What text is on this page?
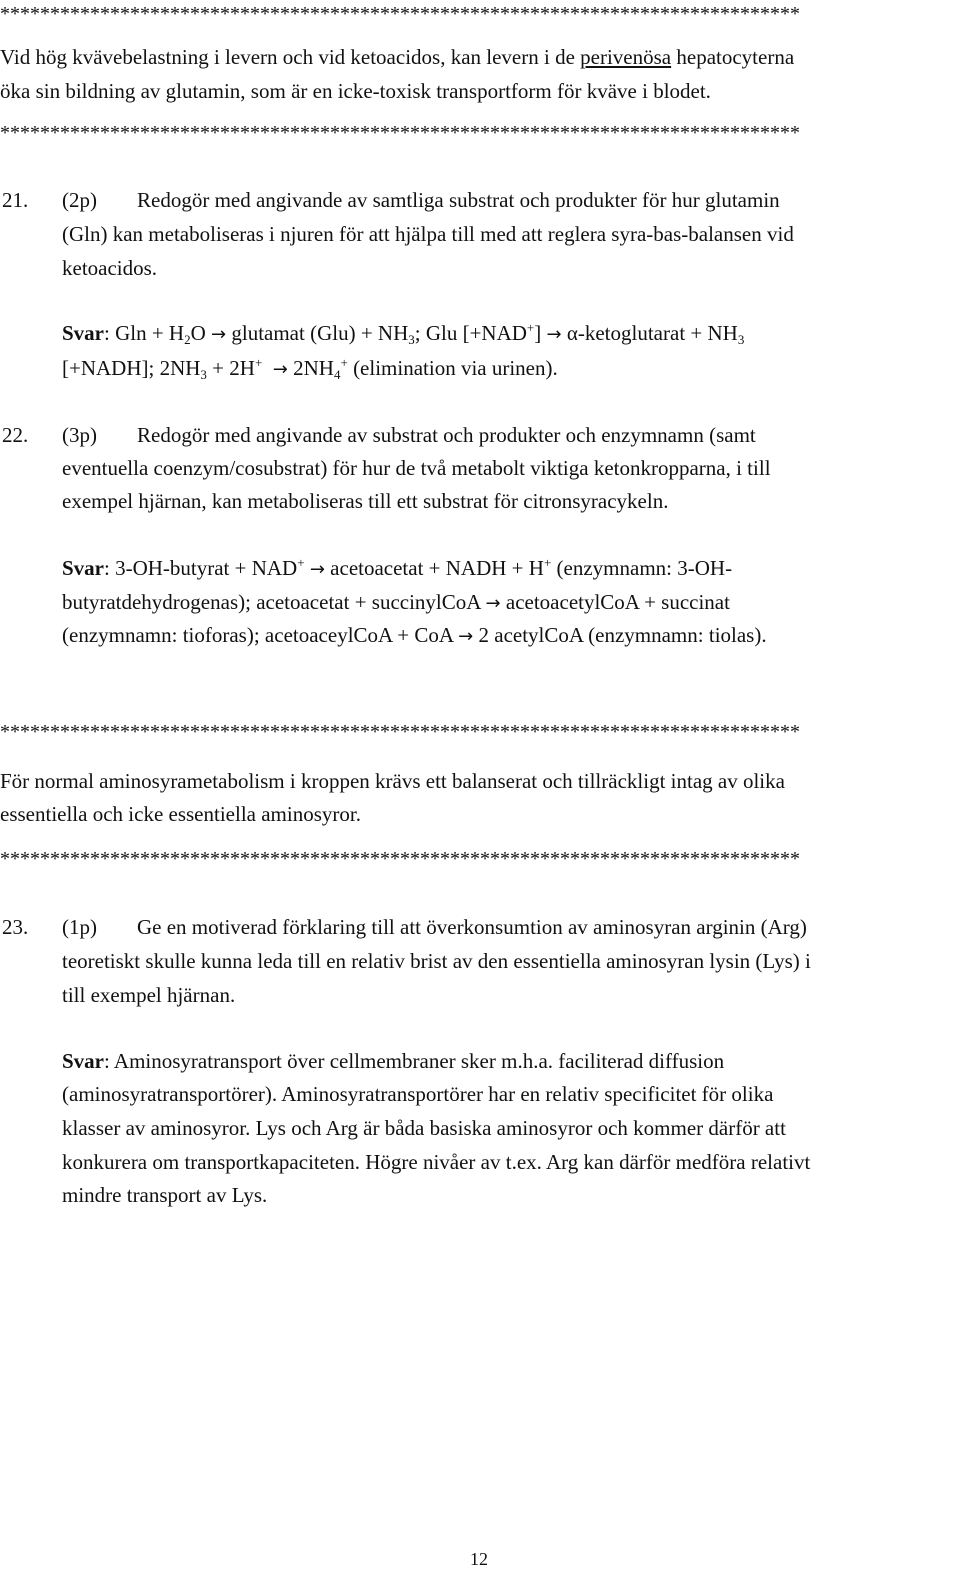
********************************************************************************
Vid hög kvävebelastning i levern och vid ketoacidos, kan levern i de perivenösa hepatocyterna
öka sin bildning av glutamin, som är en icke-toxisk transportform för kväve i blodet.
********************************************************************************
21. (2p) Redogör med angivande av samtliga substrat och produkter för hur glutamin
(Gln) kan metaboliseras i njuren för att hjälpa till med att reglera syra-bas-balansen vid
ketoacidos.
Svar: $Gln + H_2O$ → glutamat $(Glu) + NH_3$; Glu [+NAD+] → α-ketoglutarat + $NH_3$
[+NADH]; $2NH_3 + 2H^+ \to 2NH_4^+$ (elimination via urinen).
22. (3p) Redogör med angivande av substrat och produkter och enzymnamn (samt
eventuella coenzym/cosubstrat) för hur de två metabolt viktiga ketonkropparna, i till
exempel hjärnan, kan metaboliseras till ett substrat för citronsyracykeln.
Svar: 3-OH-butyrat + NAD+ → acetoacetat + NADH + H+ (enzymnamn: 3-OH-
butyratdehydrogenas); acetoacetat + succinylCoA → acetoacetylCoA + succinat
(enzymnamn: tioforas); acetoaceylCoA + CoA → 2 acetylCoA (enzymnamn: tiolas).
********************************************************************************
För normal aminosyrametabolism i kroppen krävs ett balanserat och tillräckligt intag av olika
essentiella och icke essentiella aminosyror.
********************************************************************************
23. (1p) Ge en motiverad förklaring till att överkonsumtion av aminosyran arginin (Arg)
teoretiskt skulle kunna leda till en relativ brist av den essentiella aminosyran lysin (Lys) i
till exempel hjärnan.
Svar: Aminosyratransport över cellmembraner sker m.h.a. faciliterad diffusion
(aminosyratransportörer). Aminosyratransportörer har en relativ specificitet för olika
klasser av aminosyror. Lys och Arg är båda basiska aminosyror och kommer därför att
konkurera om transportkapaciteten. Högre nivåer av t.ex. Arg kan därför medföra relativt
mindre transport av Lys.
12
